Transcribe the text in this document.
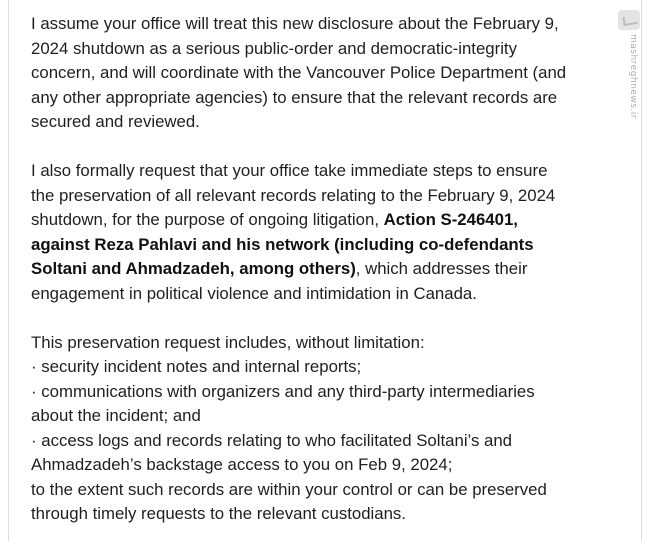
I assume your office will treat this new disclosure about the February 9,
2024 shutdown as a serious public-order and democratic-integrity
concern, and will coordinate with the Vancouver Police Department (and
any other appropriate agencies) to ensure that the relevant records are
secured and reviewed.

I also formally request that your office take immediate steps to ensure
the preservation of all relevant records relating to the February 9, 2024
shutdown, for the purpose of ongoing litigation, Action S-246401,
against Reza Pahlavi and his network (including co-defendants
Soltani and Ahmadzadeh, among others), which addresses their
engagement in political violence and intimidation in Canada.

This preservation request includes, without limitation:
· security incident notes and internal reports;
· communications with organizers and any third-party intermediaries
about the incident; and
· access logs and records relating to who facilitated Soltani’s and
Ahmadzadeh’s backstage access to you on Feb 9, 2024;
to the extent such records are within your control or can be preserved
through timely requests to the relevant custodians.

mashreghnews.ir
